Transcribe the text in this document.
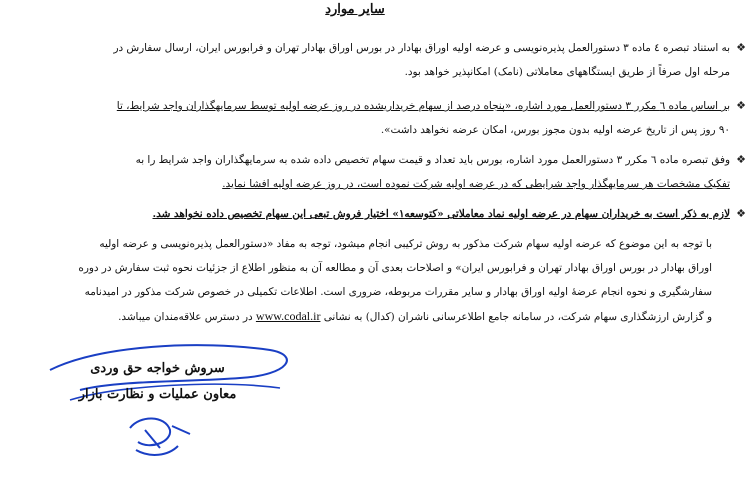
سایر موارد
❖

به استناد تبصره ٤ ماده ٣ دستورالعمل پذیرەنویسی و عرضه اولیه اوراق بهادار در بورس اوراق بهادار تهران و فرابورس ایران، ارسال سفارش در

مرحله اول صرفاً از طریق ایستگاههای معاملاتی (نامک) امکانپذیر خواهد بود.

❖

بر اساس ماده ٦ مکرر ٣ دستورالعمل مورد اشاره، «پنجاه درصد از سهام خریداریشده در روز عرضه اولیه توسط سرمایهگذاران واجد شرایط، تا

٩٠ روز پس از تاریخ عرضه اولیه بدون مجوز بورس، امکان عرضه نخواهد داشت».

❖

وفق تبصره ماده ٦ مکرر ٣ دستورالعمل مورد اشاره، بورس باید تعداد و قیمت سهام تخصیص داده شده به سرمایهگذاران واجد شرایط را به

تفکیک مشخصات هر سرمایهگذار واجد شرایطی که در عرضه اولیه شرکت نموده است، در روز عرضه اولیه افشا نماید.

❖

لازم به ذکر است به خریداران سهام در عرضه اولیه نماد معاملاتی «کتوسعه١» اختیار فروش تبعی این سهام تخصیص داده نخواهد شد.

با توجه به این موضوع که عرضه اولیه سهام شرکت مذکور به روش ترکیبی انجام میشود، توجه به مفاد «دستورالعمل پذیرەنویسی و عرضه اولیه

اوراق بهادار در بورس اوراق بهادار تهران و فرابورس ایران» و اصلاحات بعدی آن و مطالعه آن به منظور اطلاع از جزئیات نحوه ثبت سفارش در دوره

سفارشگیری و نحوه انجام عرضهٔ اولیه اوراق بهادار و سایر مقررات مربوطه، ضروری است. اطلاعات تکمیلی در خصوص شرکت مذکور در امیدنامه

و گزارش ارزشگذاری سهام شرکت، در سامانه جامع اطلاعرسانی ناشران (کدال) به نشانی www.codal.ir در دسترس علاقەمندان میباشد.

سروش خواجه حق وردی
معاون عملیات و نظارت بازار
